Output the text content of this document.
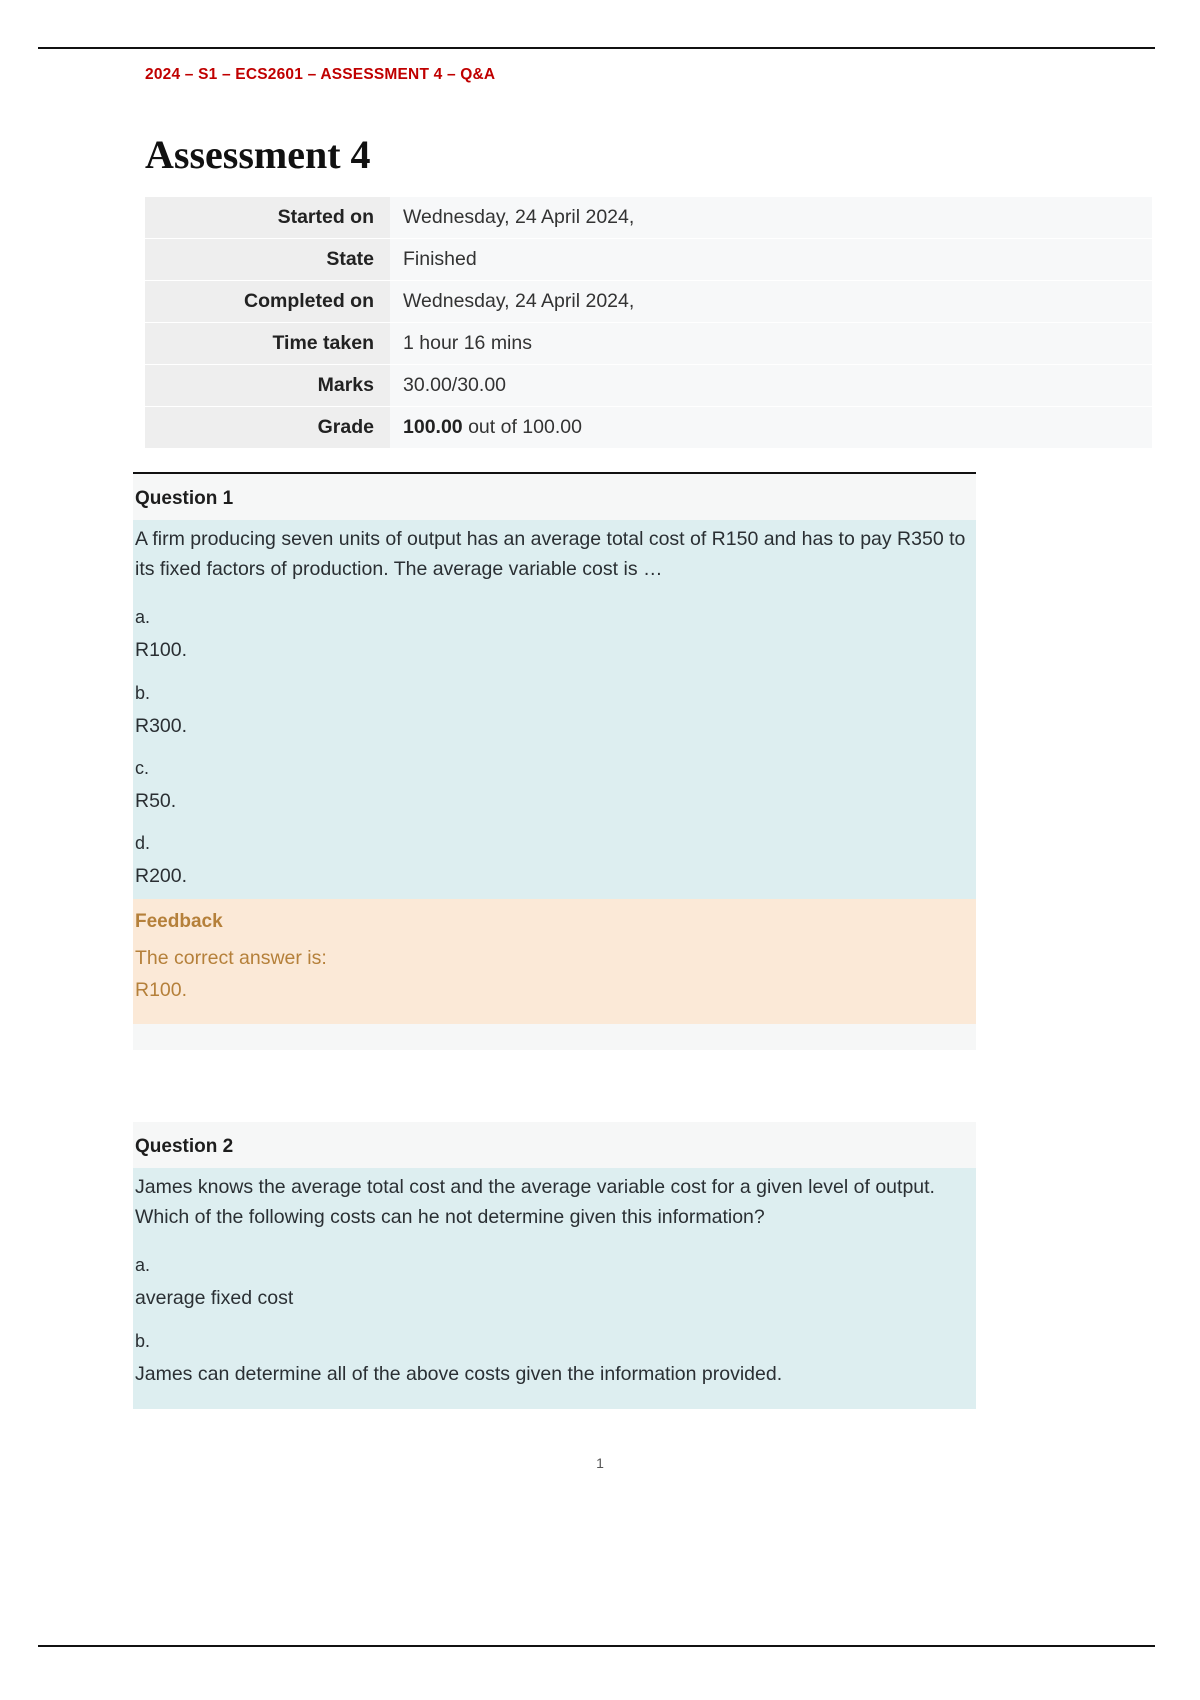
2024 – S1 – ECS2601 – ASSESSMENT 4 – Q&A
Assessment 4
Started on	Wednesday, 24 April 2024,
State	Finished
Completed on	Wednesday, 24 April 2024,
Time taken	1 hour 16 mins
Marks	30.00/30.00
Grade	100.00 out of 100.00
Question 1
A firm producing seven units of output has an average total cost of R150 and has to pay R350 to its fixed factors of production. The average variable cost is …
a.
R100.
b.
R300.
c.
R50.
d.
R200.
Feedback
The correct answer is:
R100.
Question 2
James knows the average total cost and the average variable cost for a given level of output. Which of the following costs can he not determine given this information?
a.
average fixed cost
b.
James can determine all of the above costs given the information provided.
1
